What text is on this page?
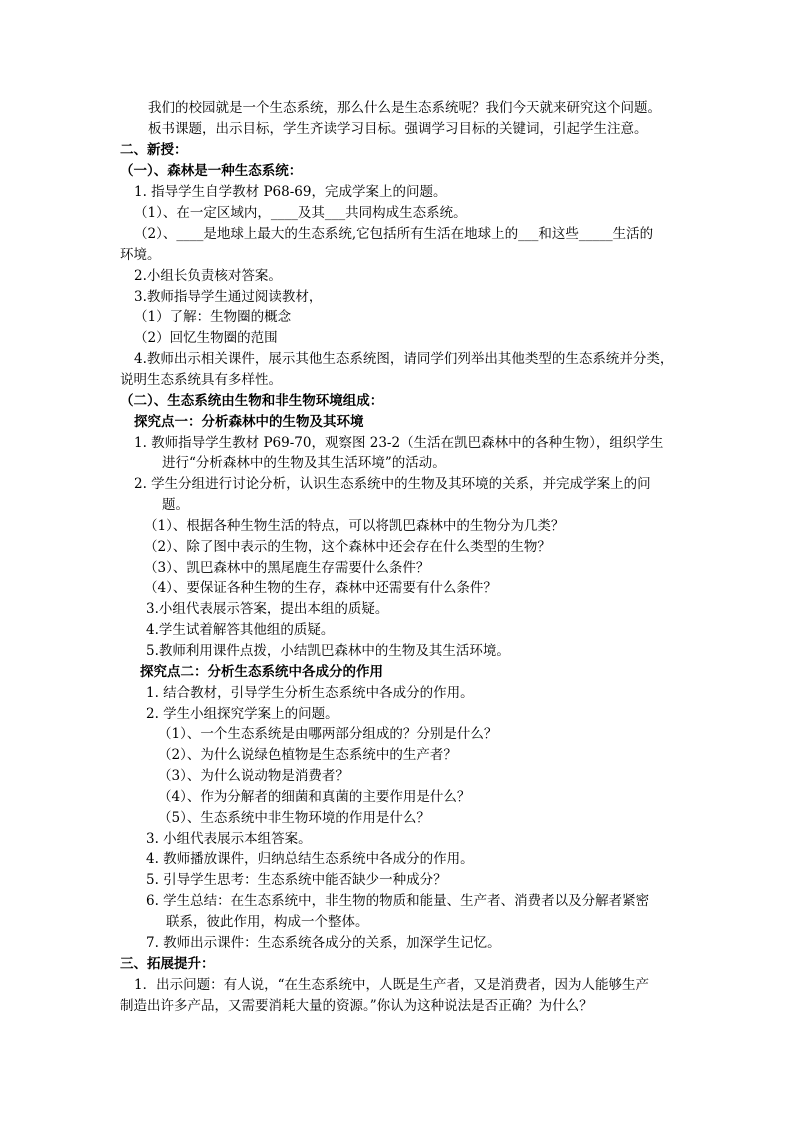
我们的校园就是一个生态系统，那么什么是生态系统呢？我们今天就来研究这个问题。
板书课题，出示目标，学生齐读学习目标。强调学习目标的关键词，引起学生注意。
二、新授：
（一）、森林是一种生态系统：
1. 指导学生自学教材 P68-69，完成学案上的问题。
（1）、在一定区域内，____及其___共同构成生态系统。
（2）、____是地球上最大的生态系统,它包括所有生活在地球上的___和这些_____生活的
环境。
2.小组长负责核对答案。
3.教师指导学生通过阅读教材，
（1）了解：生物圈的概念
（2）回忆生物圈的范围
4.教师出示相关课件，展示其他生态系统图，请同学们列举出其他类型的生态系统并分类，
说明生态系统具有多样性。
（二）、生态系统由生物和非生物环境组成：
探究点一：分析森林中的生物及其环境
1. 教师指导学生教材 P69-70，观察图 23-2（生活在凯巴森林中的各种生物），组织学生
进行“分析森林中的生物及其生活环境”的活动。
2. 学生分组进行讨论分析，认识生态系统中的生物及其环境的关系，并完成学案上的问
题。
（1）、根据各种生物生活的特点，可以将凯巴森林中的生物分为几类？
（2）、除了图中表示的生物，这个森林中还会存在什么类型的生物？
（3）、凯巴森林中的黑尾鹿生存需要什么条件？
（4）、要保证各种生物的生存，森林中还需要有什么条件？
3.小组代表展示答案，提出本组的质疑。
4.学生试着解答其他组的质疑。
5.教师利用课件点拨，小结凯巴森林中的生物及其生活环境。
探究点二：分析生态系统中各成分的作用
1. 结合教材，引导学生分析生态系统中各成分的作用。
2. 学生小组探究学案上的问题。
（1）、一个生态系统是由哪两部分组成的？分别是什么？
（2）、为什么说绿色植物是生态系统中的生产者？
（3）、为什么说动物是消费者？
（4）、作为分解者的细菌和真菌的主要作用是什么？
（5）、生态系统中非生物环境的作用是什么？
3. 小组代表展示本组答案。
4. 教师播放课件，归纳总结生态系统中各成分的作用。
5. 引导学生思考：生态系统中能否缺少一种成分？
6. 学生总结：在生态系统中，非生物的物质和能量、生产者、消费者以及分解者紧密
联系，彼此作用，构成一个整体。
7. 教师出示课件：生态系统各成分的关系，加深学生记忆。
三、拓展提升：
1．出示问题：有人说，“在生态系统中，人既是生产者，又是消费者，因为人能够生产
制造出许多产品，又需要消耗大量的资源。”你认为这种说法是否正确？为什么？
